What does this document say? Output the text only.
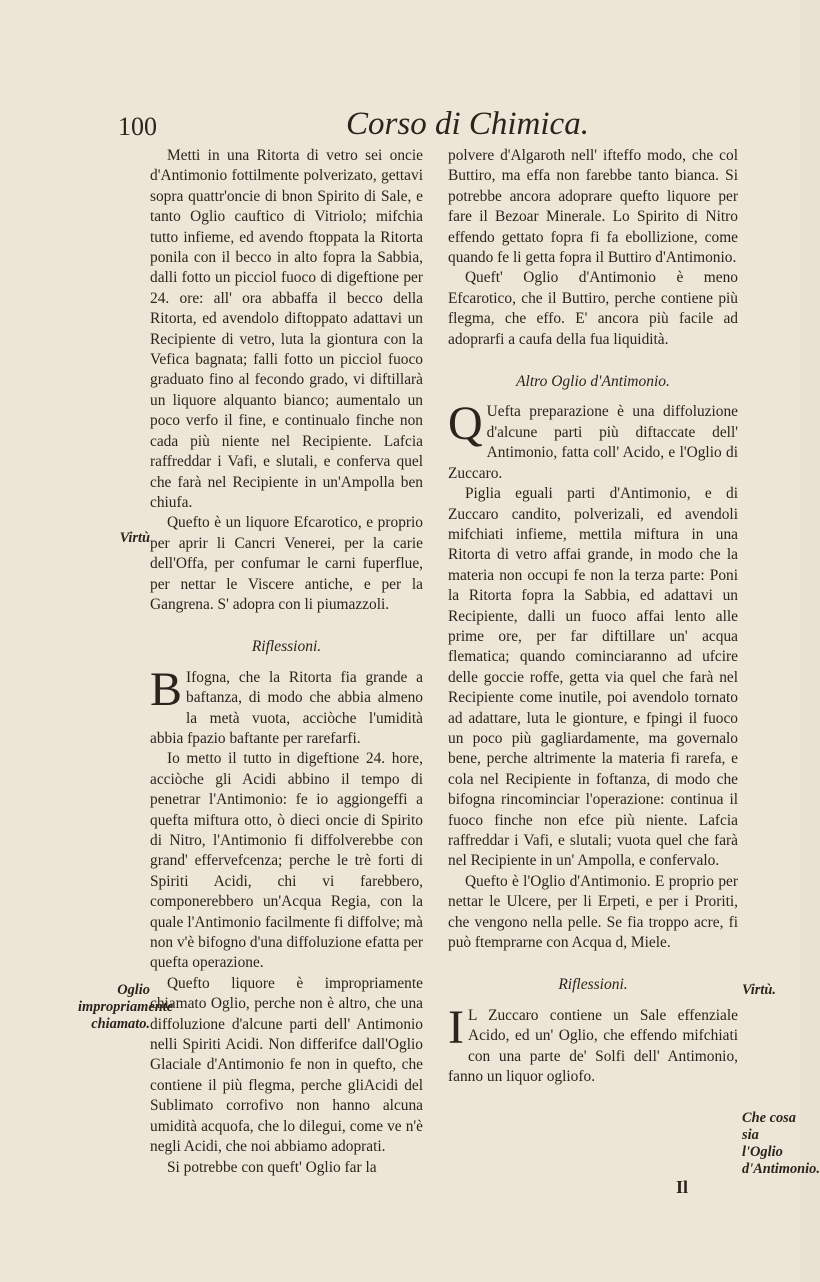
100	Corso di Chimica.

Metti in una Ritorta di vetro sei oncie d'Antimonio fottilmente polverizato, gettavi sopra quattr'oncie di bnon Spirito di Sale, e tanto Oglio cauftico di Vitriolo; mifchia tutto infieme, ed avendo ftoppata la Ritorta ponila con il becco in alto fopra la Sabbia, dalli fotto un picciol fuoco di digeftione per 24. ore: all' ora abbaffa il becco della Ritorta, ed avendolo diftoppato adattavi un Recipiente di vetro, luta la giontura con la Vefica bagnata; falli fotto un picciol fuoco graduato fino al fecondo grado, vi diftillarà un liquore alquanto bianco; aumentalo un poco verfo il fine, e continualo finche non cada più niente nel Recipiente. Lafcia raffreddar i Vafi, e slutali, e conferva quel che farà nel Recipiente in un'Ampolla ben chiufa.

Quefto è un liquore Efcarotico, e proprio per aprir li Cancri Venerei, per la carie dell'Offa, per confumar le carni fuperflue, per nettar le Viscere antiche, e per la Gangrena. S' adopra con li piumazzoli.

Riflessioni.

B Ifogna, che la Ritorta fia grande a baftanza, di modo che abbia almeno la metà vuota, acciòche l'umidità abbia fpazio baftante per rarefarfi.

Io metto il tutto in digeftione 24. hore, acciòche gli Acidi abbino il tempo di penetrar l'Antimonio: fe io aggiongeffi a quefta miftura otto, ò dieci oncie di Spirito di Nitro, l'Antimonio fi diffolverebbe con grand' effervefcenza; perche le trè forti di Spiriti Acidi, chi vi farebbero, componerebbero un'Acqua Regia, con la quale l'Antimonio facilmente fi diffolve; mà non v'è bifogno d'una diffoluzione efatta per quefta operazione.

Quefto liquore è impropriamente chiamato Oglio, perche non è altro, che una diffoluzione d'alcune parti dell' Antimonio nelli Spiriti Acidi. Non differifce dall'Oglio Glaciale d'Antimonio fe non in quefto, che contiene il più flegma, perche gliAcidi del Sublimato corrofivo non hanno alcuna umidità acquofa, che lo dilegui, come ve n'è negli Acidi, che noi abbiamo adoprati.

Si potrebbe con queft' Oglio far la

polvere d'Algaroth nell' ifteffo modo, che col Buttiro, ma effa non farebbe tanto bianca. Si potrebbe ancora adoprare quefto liquore per fare il Bezoar Minerale. Lo Spirito di Nitro effendo gettato fopra fi fa ebollizione, come quando fe li getta fopra il Buttiro d'Antimonio.

Queft' Oglio d'Antimonio è meno Efcarotico, che il Buttiro, perche contiene più flegma, che effo. E' ancora più facile ad adoprarfi a caufa della fua liquidità.

Altro Oglio d'Antimonio.

Q Uefta preparazione è una diffoluzione d'alcune parti più diftaccate dell' Antimonio, fatta coll' Acido, e l'Oglio di Zuccaro.

Piglia eguali parti d'Antimonio, e di Zuccaro candito, polverizali, ed avendoli mifchiati infieme, mettila miftura in una Ritorta di vetro affai grande, in modo che la materia non occupi fe non la terza parte: Poni la Ritorta fopra la Sabbia, ed adattavi un Recipiente, dalli un fuoco affai lento alle prime ore, per far diftillare un' acqua flematica; quando cominciaranno ad ufcire delle goccie roffe, getta via quel che farà nel Recipiente come inutile, poi avendolo tornato ad adattare, luta le gionture, e fpingi il fuoco un poco più gagliardamente, ma governalo bene, perche altrimente la materia fi rarefa, e cola nel Recipiente in foftanza, di modo che bifogna rincominciar l'operazione: continua il fuoco finche non efce più niente. Lafcia raffreddar i Vafi, e slutali; vuota quel che farà nel Recipiente in un' Ampolla, e confervalo.

Quefto è l'Oglio d'Antimonio. E proprio per nettar le Ulcere, per li Erpeti, e per i Proriti, che vengono nella pelle. Se fia troppo acre, fi può ftemprarne con Acqua d, Miele.

Riflessioni.

I L Zuccaro contiene un Sale effenziale Acido, ed un' Oglio, che effendo mifchiati con una parte de' Solfi dell' Antimonio, fanno un liquor ogliofo.

Virtù
Oglio impropriamente chiamato.
Virtù.
Che cosa sia l'Oglio d'Antimonio.
Il
